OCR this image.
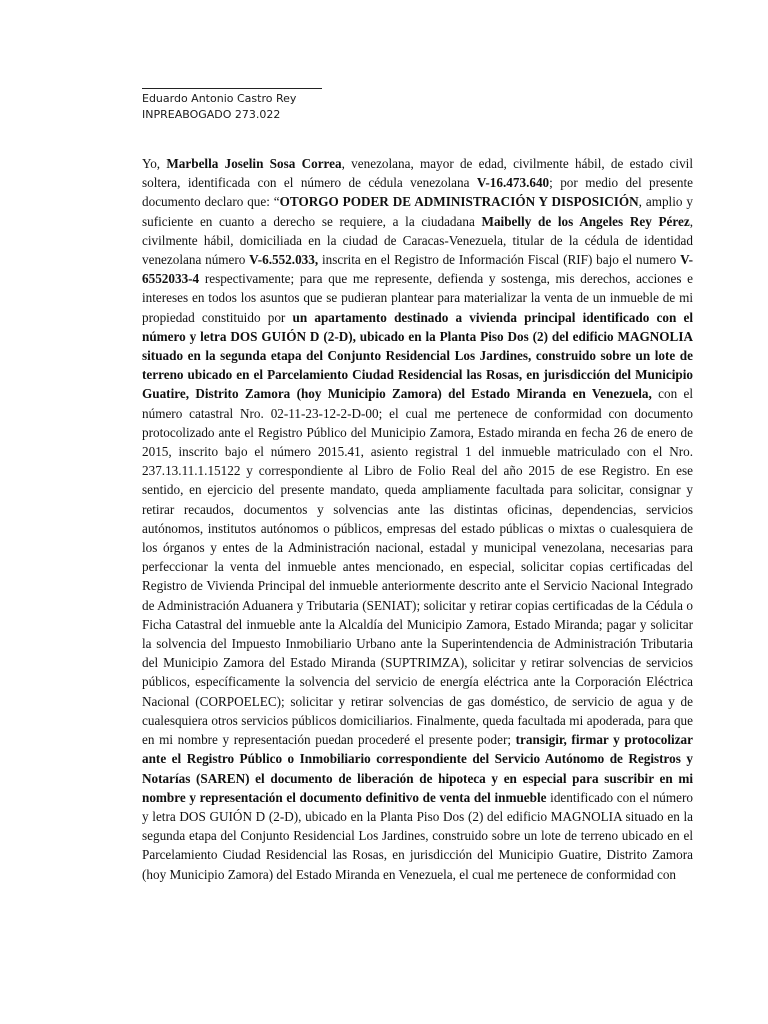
Eduardo Antonio Castro Rey
INPREABOGADO 273.022

Yo, Marbella Joselin Sosa Correa, venezolana, mayor de edad, civilmente hábil, de estado civil soltera, identificada con el número de cédula venezolana V-16.473.640; por medio del presente documento declaro que: “OTORGO PODER DE ADMINISTRACIÓN Y DISPOSICIÓN, amplio y suficiente en cuanto a derecho se requiere, a la ciudadana Maibelly de los Angeles Rey Pérez, civilmente hábil, domiciliada en la ciudad de Caracas-Venezuela, titular de la cédula de identidad venezolana número V-6.552.033, inscrita en el Registro de Información Fiscal (RIF) bajo el numero V- 6552033-4 respectivamente; para que me represente, defienda y sostenga, mis derechos, acciones e intereses en todos los asuntos que se pudieran plantear para materializar la venta de un inmueble de mi propiedad constituido por un apartamento destinado a vivienda principal identificado con el número y letra DOS GUIÓN D (2-D), ubicado en la Planta Piso Dos (2) del edificio MAGNOLIA situado en la segunda etapa del Conjunto Residencial Los Jardines, construido sobre un lote de terreno ubicado en el Parcelamiento Ciudad Residencial las Rosas, en jurisdicción del Municipio Guatire, Distrito Zamora (hoy Municipio Zamora) del Estado Miranda en Venezuela, con el número catastral Nro. 02-11-23-12-2-D-00; el cual me pertenece de conformidad con documento protocolizado ante el Registro Público del Municipio Zamora, Estado miranda en fecha 26 de enero de 2015, inscrito bajo el número 2015.41, asiento registral 1 del inmueble matriculado con el Nro. 237.13.11.1.15122 y correspondiente al Libro de Folio Real del año 2015 de ese Registro. En ese sentido, en ejercicio del presente mandato, queda ampliamente facultada para solicitar, consignar y retirar recaudos, documentos y solvencias ante las distintas oficinas, dependencias, servicios autónomos, institutos autónomos o públicos, empresas del estado públicas o mixtas o cualesquiera de los órganos y entes de la Administración nacional, estadal y municipal venezolana, necesarias para perfeccionar la venta del inmueble antes mencionado, en especial, solicitar copias certificadas del Registro de Vivienda Principal del inmueble anteriormente descrito ante el Servicio Nacional Integrado de Administración Aduanera y Tributaria (SENIAT); solicitar y retirar copias certificadas de la Cédula o Ficha Catastral del inmueble ante la Alcaldía del Municipio Zamora, Estado Miranda; pagar y solicitar la solvencia del Impuesto Inmobiliario Urbano ante la Superintendencia de Administración Tributaria del Municipio Zamora del Estado Miranda (SUPTRIMZA), solicitar y retirar solvencias de servicios públicos, específicamente la solvencia del servicio de energía eléctrica ante la Corporación Eléctrica Nacional (CORPOELEC); solicitar y retirar solvencias de gas doméstico, de servicio de agua y de cualesquiera otros servicios públicos domiciliarios. Finalmente, queda facultada mi apoderada, para que en mi nombre y representación puedan procederé el presente poder; transigir, firmar y protocolizar ante el Registro Público o Inmobiliario correspondiente del Servicio Autónomo de Registros y Notarías (SAREN) el documento de liberación de hipoteca y en especial para suscribir en mi nombre y representación el documento definitivo de venta del inmueble identificado con el número y letra DOS GUIÓN D (2-D), ubicado en la Planta Piso Dos (2) del edificio MAGNOLIA situado en la segunda etapa del Conjunto Residencial Los Jardines, construido sobre un lote de terreno ubicado en el Parcelamiento Ciudad Residencial las Rosas, en jurisdicción del Municipio Guatire, Distrito Zamora (hoy Municipio Zamora) del Estado Miranda en Venezuela, el cual me pertenece de conformidad con
